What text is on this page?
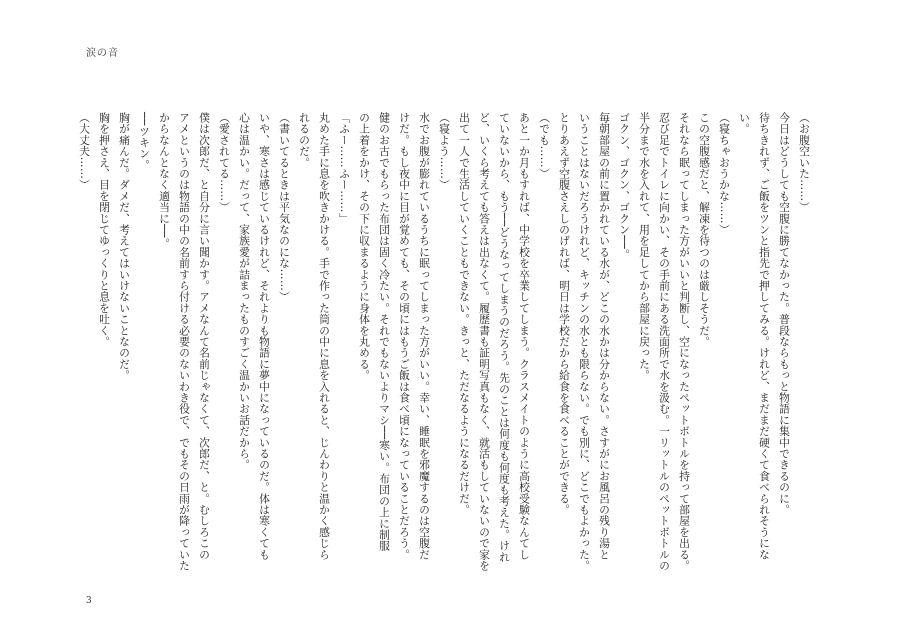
涙の音
（お腹空いた……）
今日はどうしても空腹に勝てなかった。普段ならもっと物語に集中できるのに。
待ちきれず、ご飯をツンと指先で押してみる。けれど、まだまだ硬くて食べられそうにな
い。
（寝ちゃおうかな……）
この空腹感だと、解凍を待つのは厳しそうだ。
それなら眠ってしまった方がいいと判断し、空になったペットボトルを持って部屋を出る。
忍び足でトイレに向かい、その手前にある洗面所で水を汲む。一リットルのペットボトルの
半分まで水を入れて、用を足してから部屋に戻った。
ゴクン、ゴクン、ゴクン──。
毎朝部屋の前に置かれている水が、どこの水かは分からない。さすがにお風呂の残り湯と
いうことはないだろうけれど、キッチンの水とも限らない。でも別に、どこでもよかった。
とりあえず空腹さえしのげれば、明日は学校だから給食を食べることができる。
（でも……）
あと一か月もすれば、中学校を卒業してしまう。クラスメイトのように高校受験なんてし
ていないから、もう──どうなってしまうのだろう。先のことは何度も何度も考えた。けれ
ど、いくら考えても答えは出なくて。履歴書も証明写真もなく、就活もしていないので家を
出て一人で生活していくこともできない。きっと、ただなるようになるだけだ。
（寝よう……）
水でお腹が膨れているうちに眠ってしまった方がいい。幸い、睡眠を邪魔するのは空腹だ
けだ。もし夜中に目が覚めても、その頃にはもうご飯は食べ頃になっていることだろう。
健のお古でもらった布団は固く冷たい。それでもないよりマシ──寒い。布団の上に制服
の上着をかけ、その下に収まるように身体を丸める。
「ふー……ふー……」
丸めた手に息を吹きかける。手で作った筒の中に息を入れると、じんわりと温かく感じら
れるのだ。
（書いてるときは平気なのにな……）
いや、寒さは感じているけれど、それよりも物語に夢中になっているのだ。体は寒くても
心は温かい。だって、家族愛が詰まったものすごく温かいお話だから。
（愛されてる……）
僕は次郎だ、と自分に言い聞かす。アメなんて名前じゃなくて、次郎だ、と。むしろこの
アメというのは物語の中の名前すら付ける必要のないわき役で、でもその日雨が降っていた
からなんとなく適当に──。
──ツキン。
胸が痛んだ。ダメだ、考えてはいけないことなのだ。
胸を押さえ、目を閉じてゆっくりと息を吐く。
（大丈夫……）
3
